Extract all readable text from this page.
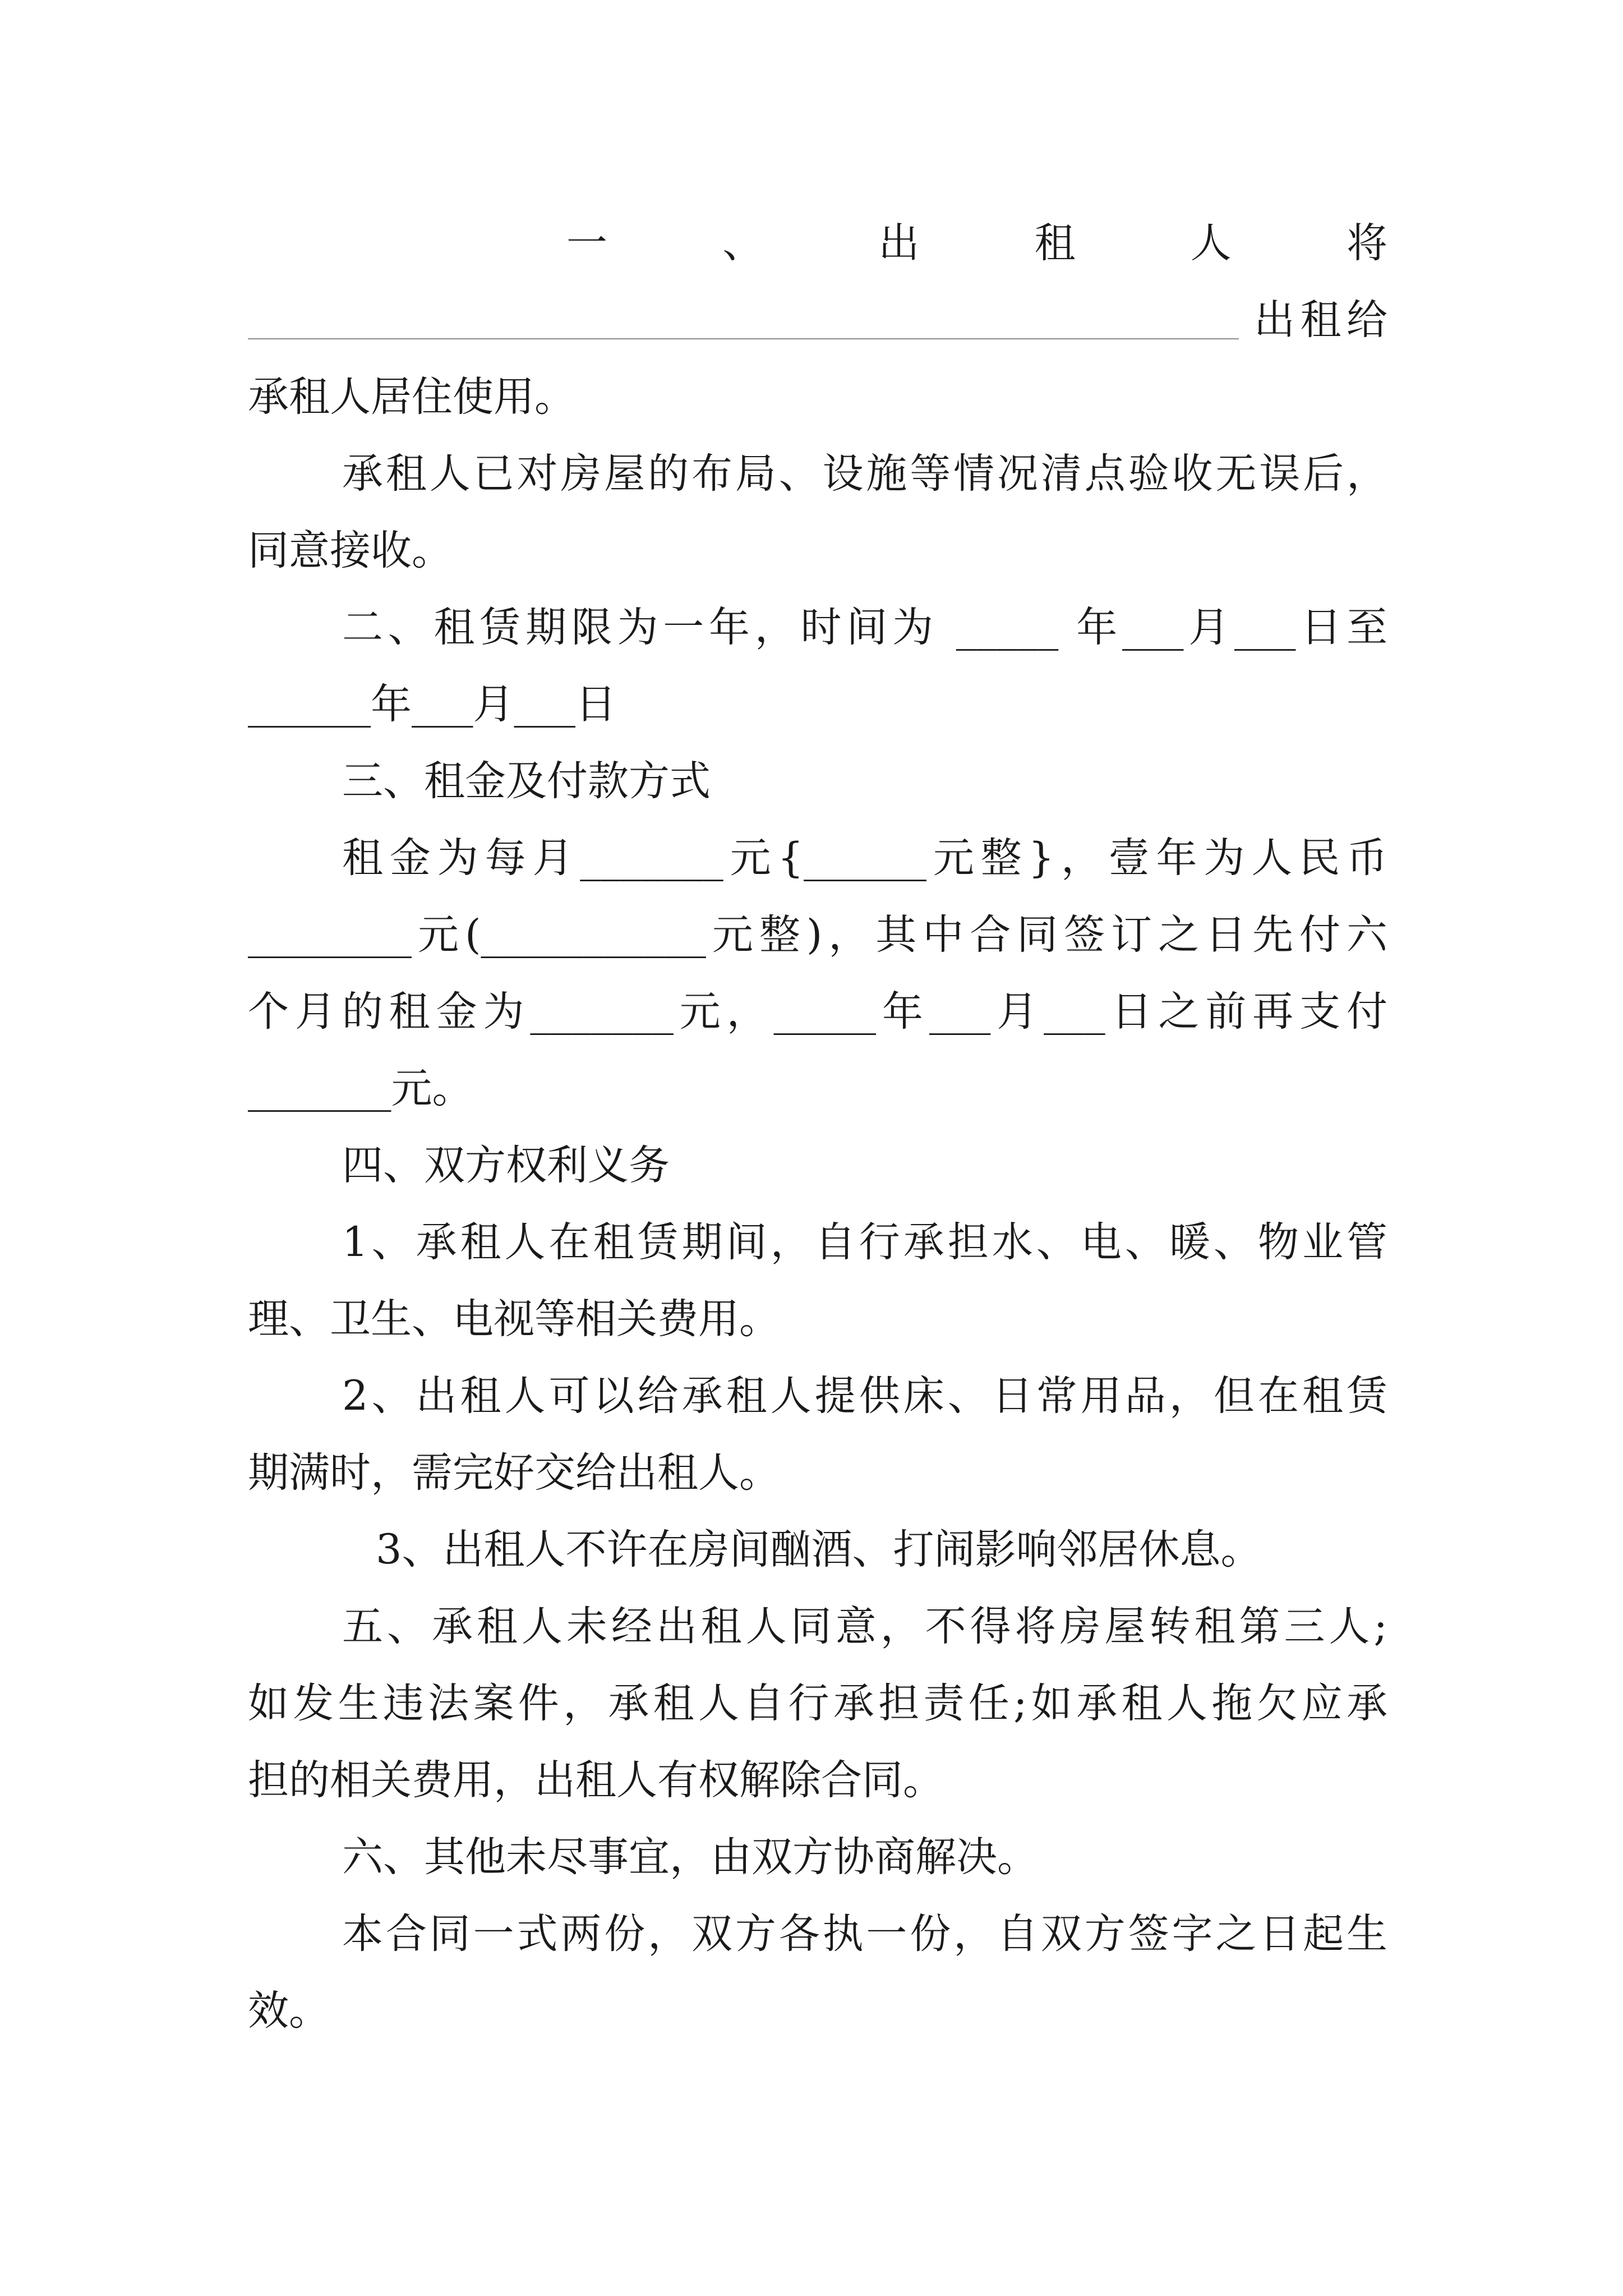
一	、	出	租	人	将
出租给
承租人居住使用。
承租人已对房屋的布局、设施等情况清点验收无误后，
同意接收。
二、租赁期限为一年，时间为 _____ 年___月___日至
______年___月___日
三、租金及付款方式
租金为每月_______元{______元整}，壹年为人民币
________元(___________元整)，其中合同签订之日先付六
个月的租金为_______元，_____年___月___日之前再支付
_______元。
四、双方权利义务
1、承租人在租赁期间，自行承担水、电、暖、物业管
理、卫生、电视等相关费用。
2、出租人可以给承租人提供床、日常用品，但在租赁
期满时，需完好交给出租人。
3、出租人不许在房间酗酒、打闹影响邻居休息。
五、承租人未经出租人同意，不得将房屋转租第三人;
如发生违法案件，承租人自行承担责任;如承租人拖欠应承
担的相关费用，出租人有权解除合同。
六、其他未尽事宜，由双方协商解决。
本合同一式两份，双方各执一份，自双方签字之日起生
效。
